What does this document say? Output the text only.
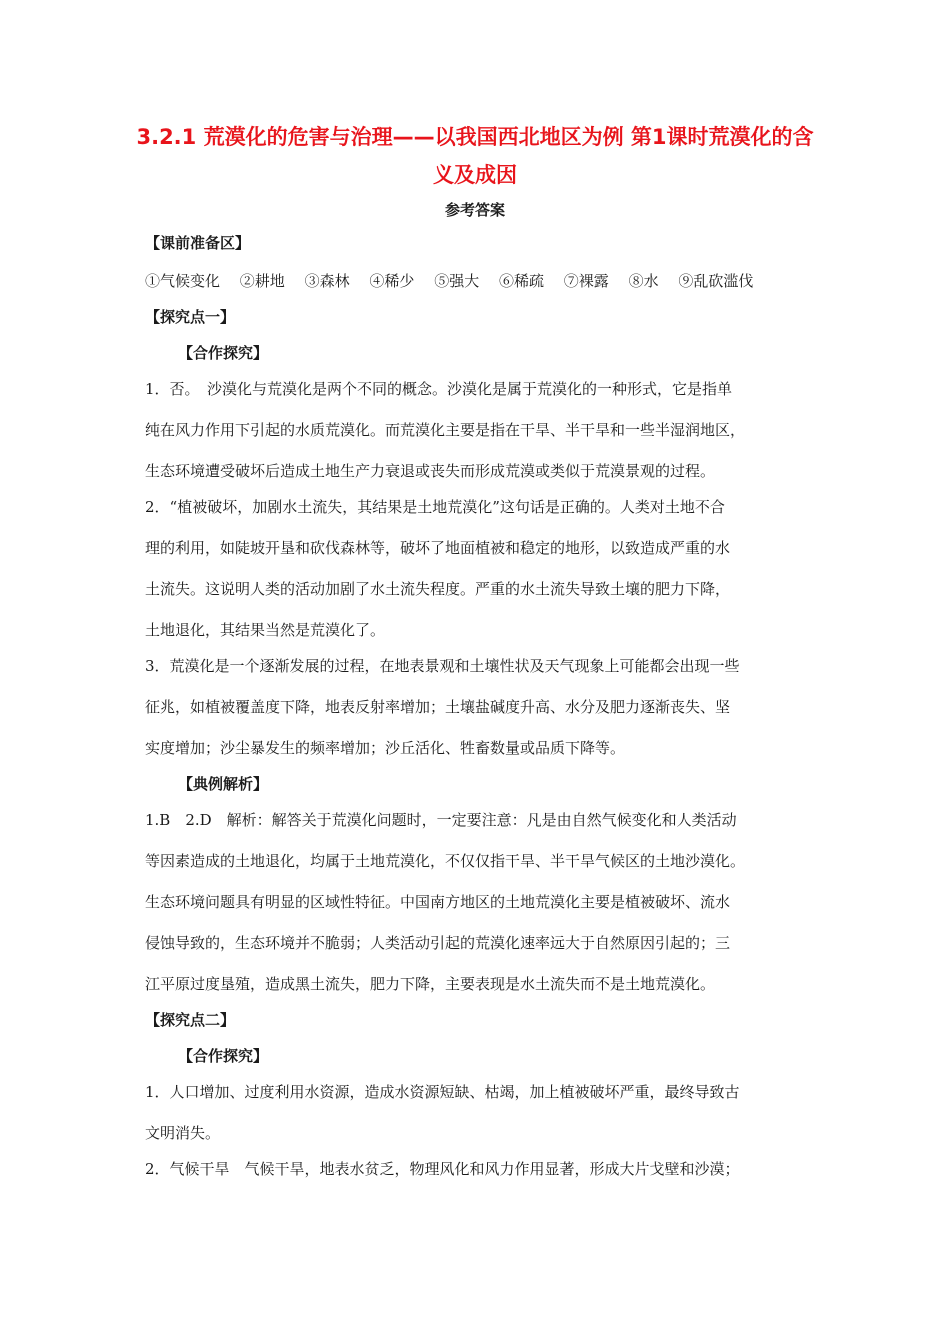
3.2.1 荒漠化的危害与治理——以我国西北地区为例 第1课时荒漠化的含义及成因
参考答案
【课前准备区】
①气候变化 ②耕地 ③森林 ④稀少 ⑤强大 ⑥稀疏 ⑦裸露 ⑧水 ⑨乱砍滥伐
【探究点一】
【合作探究】
1．否。　沙漠化与荒漠化是两个不同的概念。沙漠化是属于荒漠化的一种形式，它是指单
纯在风力作用下引起的水质荒漠化。而荒漠化主要是指在干旱、半干旱和一些半湿润地区，
生态环境遭受破坏后造成土地生产力衰退或丧失而形成荒漠或类似于荒漠景观的过程。
2．“植被破坏，加剧水土流失，其结果是土地荒漠化”这句话是正确的。人类对土地不合
理的利用，如陡坡开垦和砍伐森林等，破坏了地面植被和稳定的地形，以致造成严重的水
土流失。这说明人类的活动加剧了水土流失程度。严重的水土流失导致土壤的肥力下降，
土地退化，其结果当然是荒漠化了。
3．荒漠化是一个逐渐发展的过程，在地表景观和土壤性状及天气现象上可能都会出现一些
征兆，如植被覆盖度下降，地表反射率增加；土壤盐碱度升高、水分及肥力逐渐丧失、坚
实度增加；沙尘暴发生的频率增加；沙丘活化、牲畜数量或品质下降等。
【典例解析】
1.B　2.D　解析：解答关于荒漠化问题时，一定要注意：凡是由自然气候变化和人类活动
等因素造成的土地退化，均属于土地荒漠化，不仅仅指干旱、半干旱气候区的土地沙漠化。
生态环境问题具有明显的区域性特征。中国南方地区的土地荒漠化主要是植被破坏、流水
侵蚀导致的，生态环境并不脆弱；人类活动引起的荒漠化速率远大于自然原因引起的；三
江平原过度垦殖，造成黑土流失，肥力下降，主要表现是水土流失而不是土地荒漠化。
【探究点二】
【合作探究】
1．人口增加、过度利用水资源，造成水资源短缺、枯竭，加上植被破坏严重，最终导致古
文明消失。
2．气候干旱　气候干旱，地表水贫乏，物理风化和风力作用显著，形成大片戈壁和沙漠；
